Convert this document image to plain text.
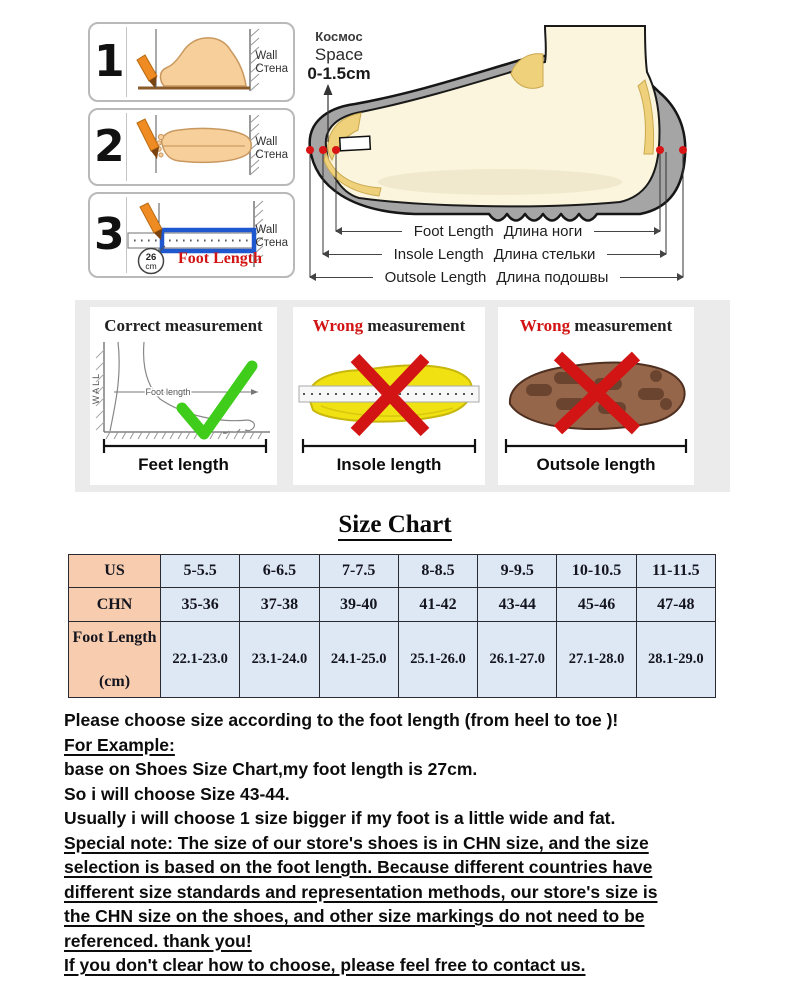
1	Wall
Стена
2	Wall
Стена
3 26
cm Foot Length
Wall
Стена
Космос
Space
0-1.5cm
Foot Length Длина ноги
Insole Length Длина стельки
Outsole Length Длина подошвы
Correct measurement
WALL	Foot length
Feet length
Wrong measurement
Insole length
Wrong measurement
Outsole length
Size Chart
US	5-5.5	6-6.5	7-7.5	8-8.5	9-9.5	10-10.5	11-11.5

CHN	35-36	37-38	39-40	41-42	43-44	45-46	47-48

Foot Length
(cm)	22.1-23.0	23.1-24.0	24.1-25.0	25.1-26.0	26.1-27.0	27.1-28.0	28.1-29.0
Please choose size according to the foot length (from heel to toe )!
For Example:
base on Shoes Size Chart,my foot length is 27cm.
So i will choose Size 43-44.
Usually i will choose 1 size bigger if my foot is a little wide and fat.
Special note: The size of our store's shoes is in CHN size, and the size
selection is based on the foot length. Because different countries have
different size standards and representation methods, our store's size is
the CHN size on the shoes, and other size markings do not need to be
referenced. thank you!
If you don't clear how to choose, please feel free to contact us.
